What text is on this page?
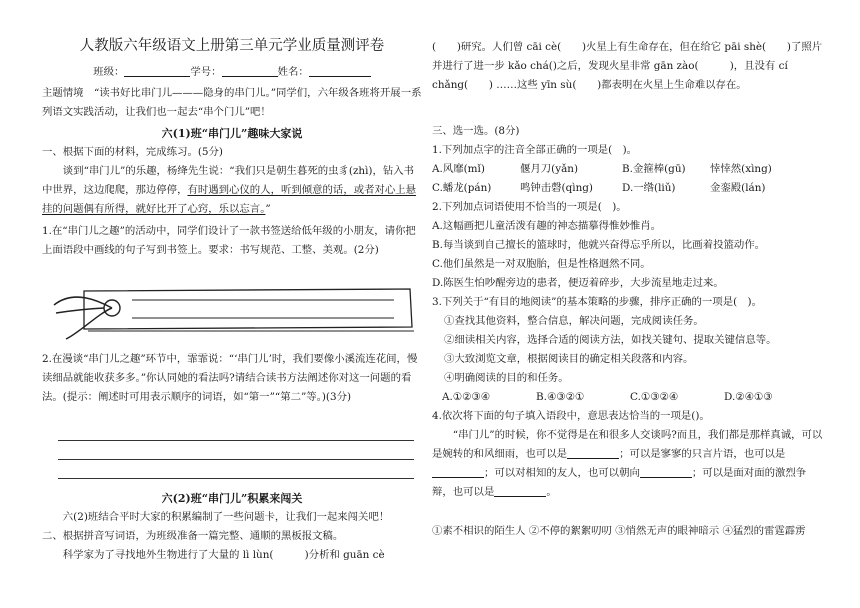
人教版六年级语文上册第三单元学业质量测评卷
班级：	学号：	姓名：

主题情境　“读书好比串门儿———隐身的串门儿。”同学们，六年级各班将开展一系列语文实践活动，让我们也一起去“串个门儿”吧！

六(1)班“串门儿”趣味大家说

一、根据下面的材料，完成练习。(5分)

谈到“串门儿”的乐趣，杨绛先生说：“我们只是朝生暮死的虫豸(zhì)，钻入书中世界，这边爬爬，那边停停，有时遇到心仪的人，听到倾意的话，或者对心上悬挂的问题偶有所得，就好比开了心窍，乐以忘言。”

1.在“串门儿之趣”的活动中，同学们设计了一款书签送给低年级的小朋友，请你把上面语段中画线的句子写到书签上。要求：书写规范、工整、美观。(2分)

2.在漫谈“串门儿之趣”环节中，霏霏说：“‘串门儿’时，我们要像小溪流连花间，慢读细品就能收获多多。”你认同她的看法吗?请结合读书方法阐述你对这一问题的看法。(提示：阐述时可用表示顺序的词语，如“第一”“第二”等。)(3分)

六(2)班“串门儿”积累来闯关

六(2)班结合平时大家的积累编制了一些问题卡，让我们一起来闯关吧！

二、根据拼音写词语，为班级准备一篇完整、通顺的黑板报文稿。

科学家为了寻找地外生物进行了大量的 lì lùn(　　　)分析和 guān cè

(　　)研究。人们曾 cāi cè(　　)火星上有生命存在，但在给它 pāi shè(　　)了照片并进行了进一步 kǎo chá()之后，发现火星非常 gān zào(　　　)，且没有 cí chǎng(　　) ……这些 yīn sù(　　)都表明在火星上生命难以存在。

三、选一选。(8分)

1.下列加点字的注音全部正确的一项是(　)。

A.风靡(mǐ)	偃月刀(yǎn)	B.金箍棒(gū) 悻悻然(xìng)
C.蟠龙(pán)	鸣钟击磬(qìng)	D.一绺(liǔ)	金銮殿(lán)

2.下列加点词语使用不恰当的一项是(　)。

A.这幅画把儿童活泼有趣的神态描摹得惟妙惟肖。

B.每当谈到自己擅长的篮球时，他就兴奋得忘乎所以，比画着投篮动作。

C.他们虽然是一对双胞胎，但是性格迥然不同。

D.陈医生怕吵醒旁边的患者，便迈着碎步，大步流星地走过来。

3.下列关于“有目的地阅读”的基本策略的步骤，排序正确的一项是(　)。

①查找其他资料，整合信息，解决问题，完成阅读任务。

②细读相关内容，选择合适的阅读方法，如找关键句、提取关键信息等。

③大致浏览文章，根据阅读目的确定相关段落和内容。

④明确阅读的目的和任务。

A.①②③④	B.④③②①	C.①③②④	D.②④①③

4.依次将下面的句子填入语段中，意思表达恰当的一项是()。

“串门儿”的时候，你不觉得是在和很多人交谈吗?而且，我们都是那样真诚，可以是婉转的和风细雨，也可以是	；可以是寥寥的只言片语，也可以是；可以对相知的友人，也可以朝向	；可以是面对面的激烈争辩，也可以是	。

①素不相识的陌生人 ②不停的絮絮叨叨 ③悄然无声的眼神暗示 ④猛烈的雷霆霹雳
